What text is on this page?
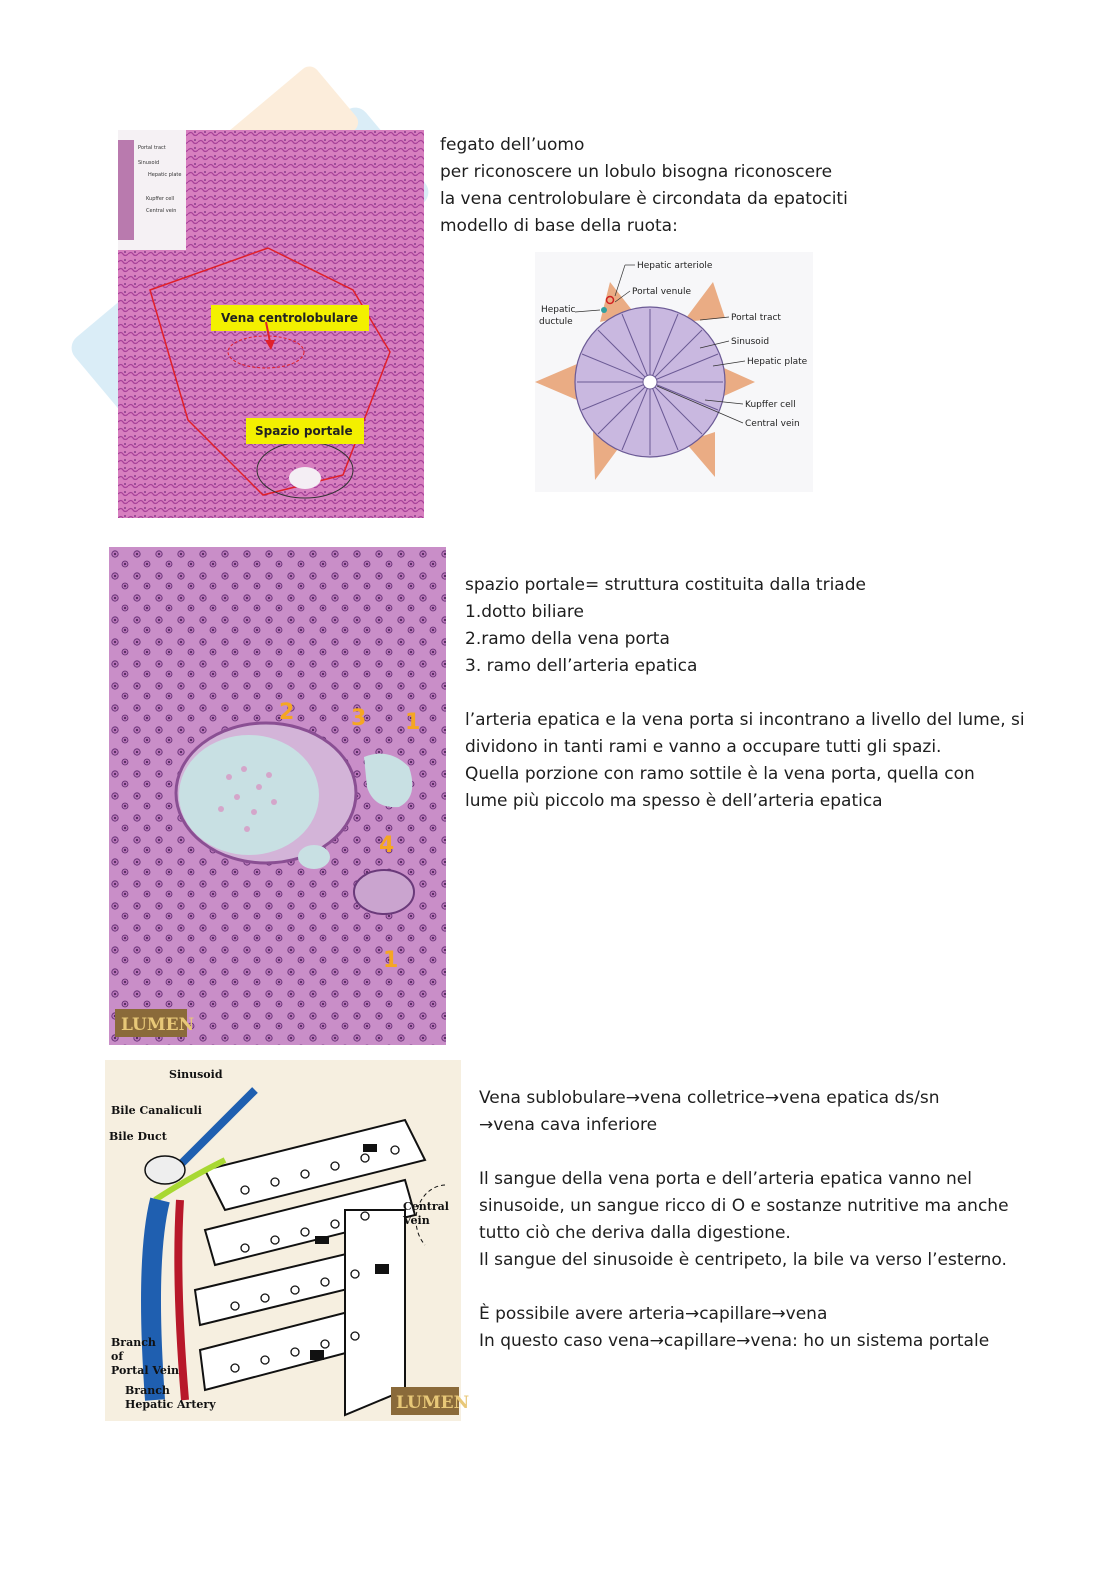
Portal tract
Sinusoid
Hepatic plate
Kupffer cell
Central vein
Vena centrolobulare
Spazio portale

fegato dell’uomo

per riconoscere un lobulo bisogna riconoscere

la vena centrolobulare è circondata da epatociti

modello di base della ruota:

Hepatic arteriole
Portal venule
Hepatic
ductule	Portal tract
Sinusoid
Hepatic plate
Kupffer cell
Central vein
2	3 1
4
1
LUMEN

spazio portale= struttura costituita dalla triade

1.dotto biliare

2.ramo della vena porta

3. ramo dell’arteria epatica

l’arteria epatica e la vena porta si incontrano a livello del lume, si

dividono in tanti rami e vanno a occupare tutti gli spazi.

Quella porzione con ramo sottile è la vena porta, quella con

lume più piccolo ma spesso è dell’arteria epatica

Sinusoid
Bile Canaliculi
Bile Duct
Central
Vein
Branch
of
Portal Vein
Branch
Hepatic Artery	LUMEN

Vena sublobulare→vena colletrice→vena epatica ds/sn

→vena cava inferiore

Il sangue della vena porta e dell’arteria epatica vanno nel

sinusoide, un sangue ricco di O e sostanze nutritive ma anche

tutto ciò che deriva dalla digestione.

Il sangue del sinusoide è centripeto, la bile va verso l’esterno.

È possibile avere arteria→capillare→vena

In questo caso vena→capillare→vena: ho un sistema portale
